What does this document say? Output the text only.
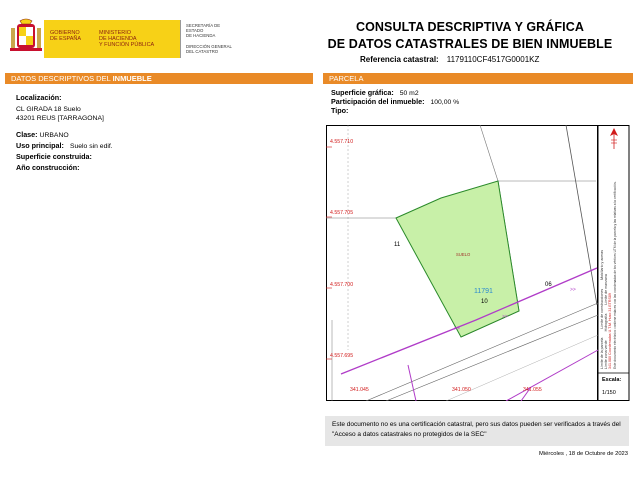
GOBIERNO
DE ESPAÑA
MINISTERIO
DE HACIENDA
Y FUNCIÓN PÚBLICA
SECRETARÍA DE ESTADO
DE HACIENDA
DIRECCIÓN GENERAL
DEL CATASTRO
CONSULTA DESCRIPTIVA Y GRÁFICA
DE DATOS CATASTRALES DE BIEN INMUEBLE
Referencia catastral: 1179110CF4517G0001KZ
DATOS DESCRIPTIVOS DEL INMUEBLE	PARCELA
Localización:
CL GIRADA 18 Suelo
43201 REUS [TARRAGONA]
Clase: URBANO
Uso principal: Suelo sin edif.
Superficie construida:
Año construcción:
Superficie gráfica: 50 m2
Participación del inmueble: 100,00 %
Tipo:
>>
>>
>>
4.557.710
4.557.705
4.557.700
4.557.695
341.045	341.050	341.055
SUELO
11791
10
11
06
Límite de la parcela Límite de construcciones Mobiliario y aceras
Límite zona verde Hidrografía Límite de manzana
341.080 Coordenadas U.T.M. Huso 31 ETRS89 Este documento electrónico contiene enlaces con las coordenadas de los vértices UTM de la parcela y las relativas a la certificación.
Escala:
1/150
Este documento no es una certificación catastral, pero sus datos pueden ser verificados a través del "Acceso a datos catastrales no protegidos de la SEC"
Miércoles , 18 de Octubre de 2023
